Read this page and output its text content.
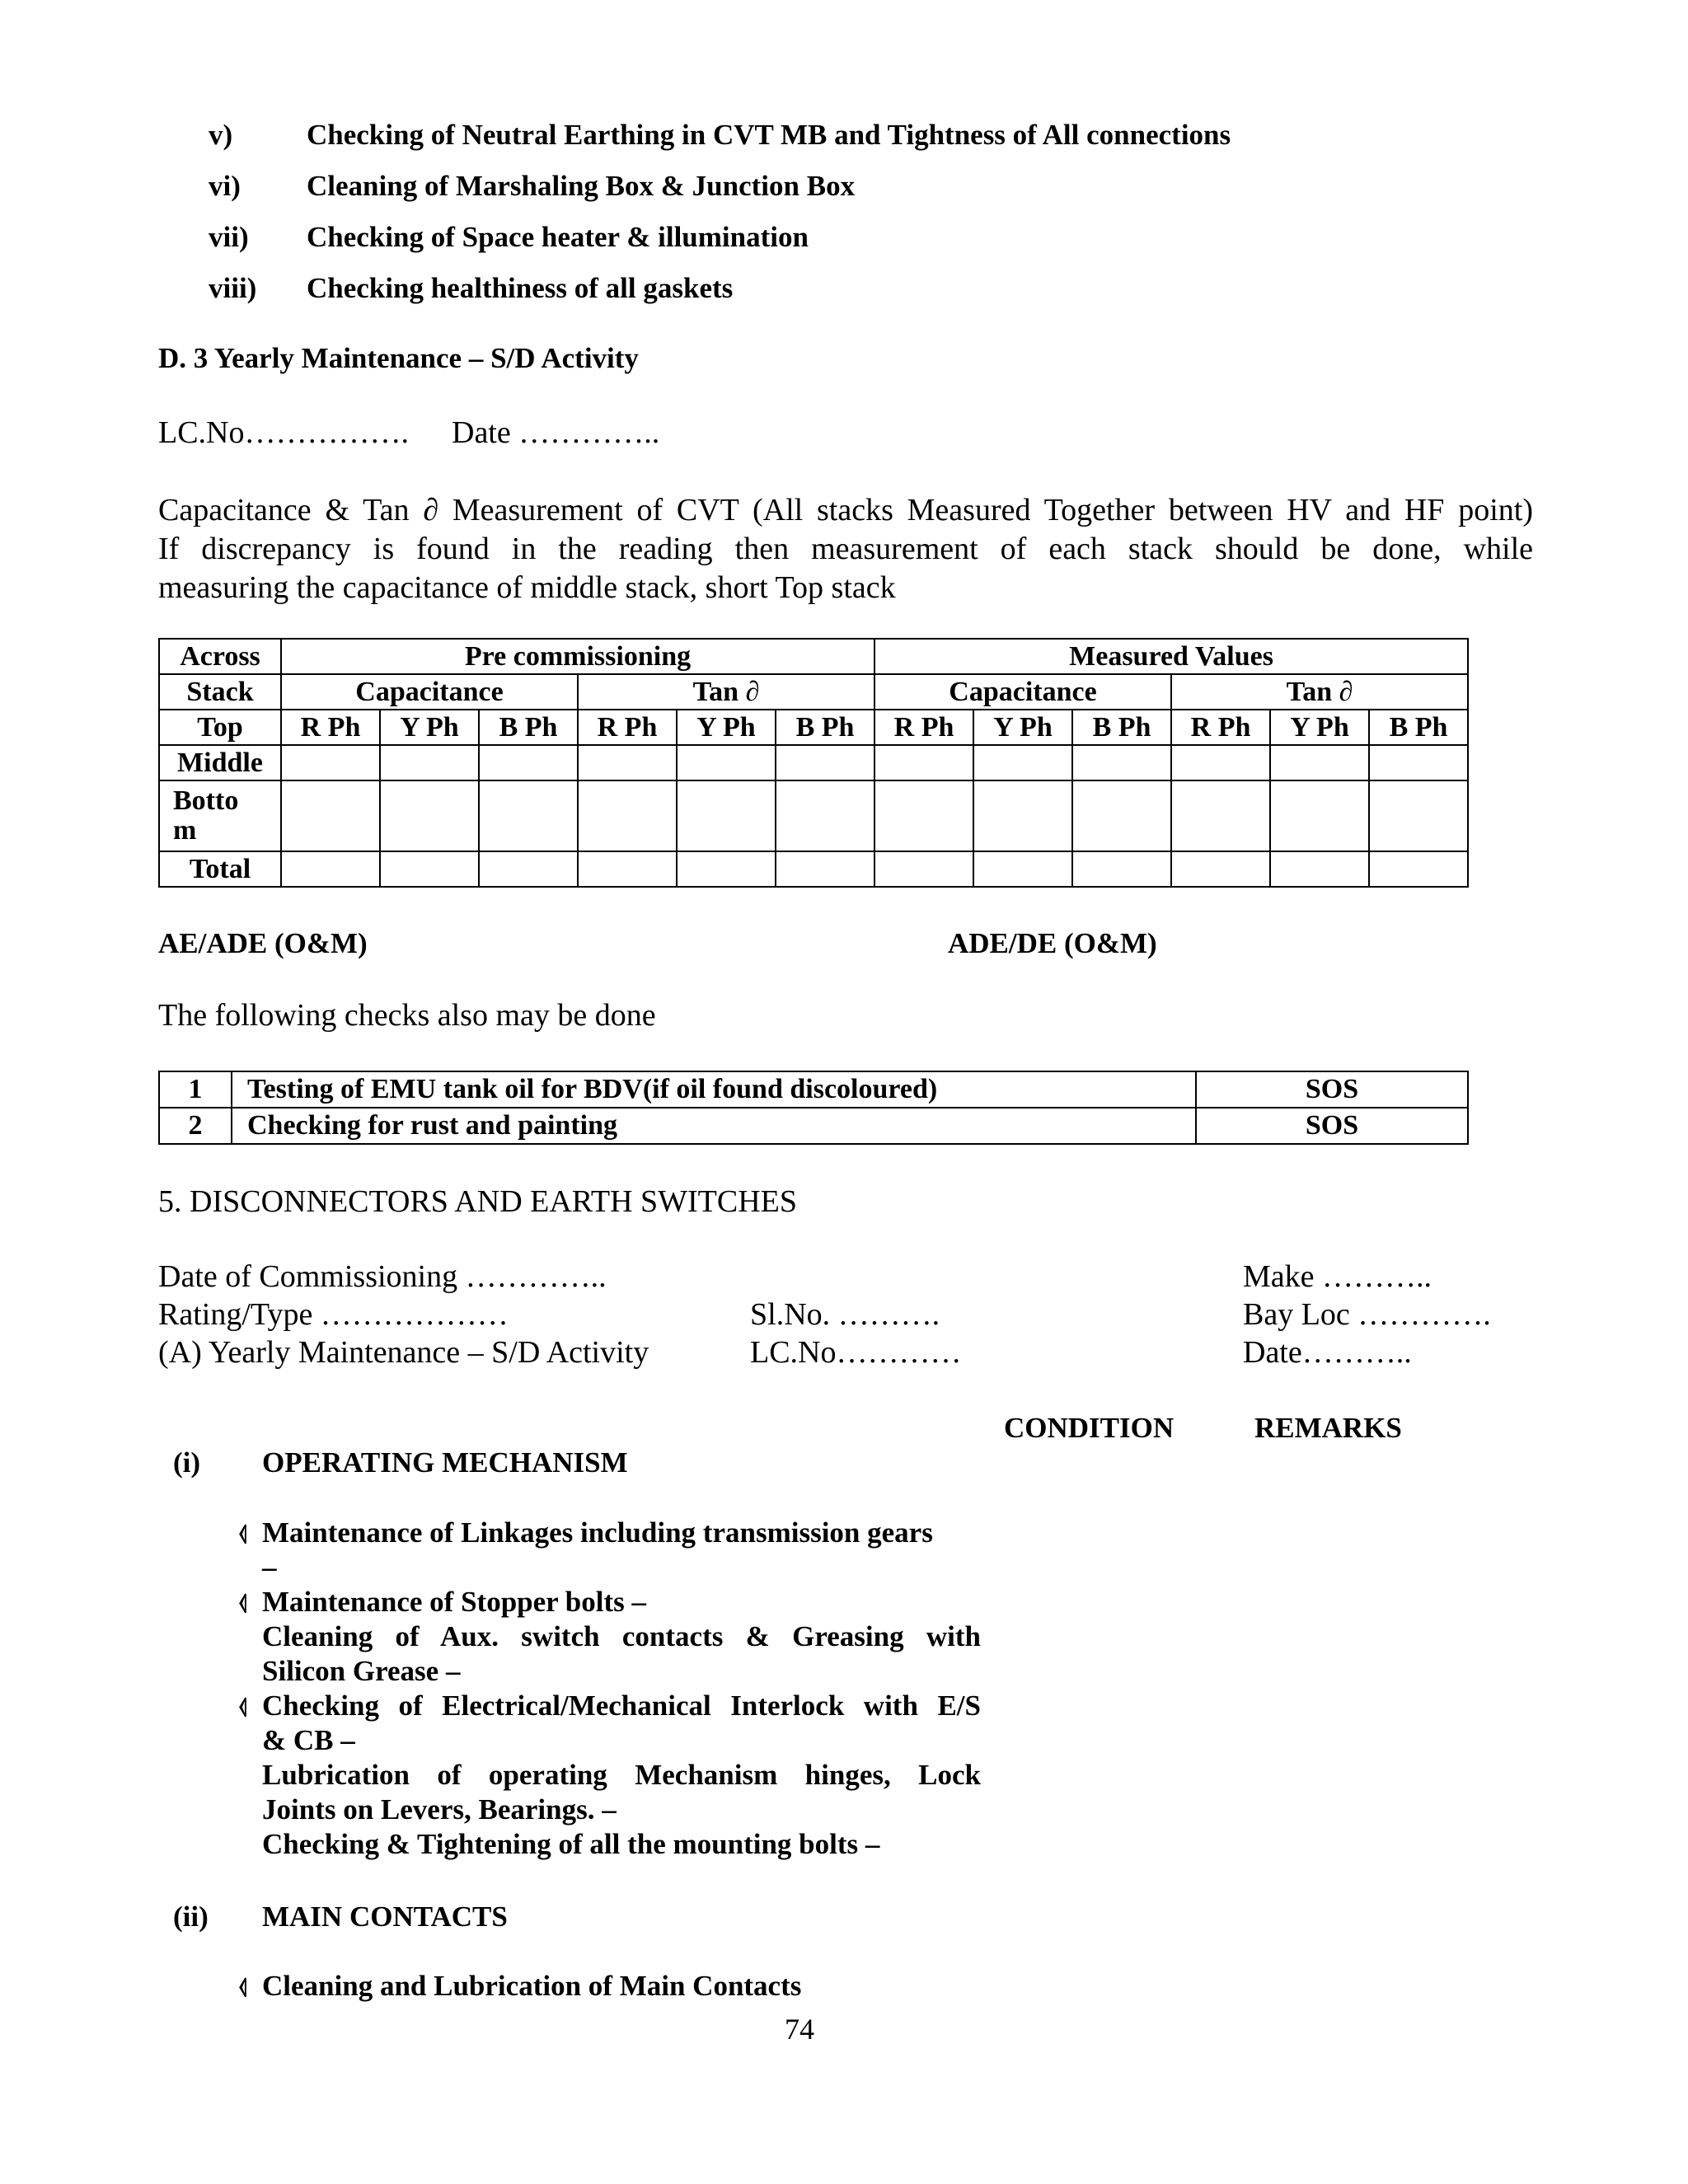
v)	Checking of Neutral Earthing in CVT MB and Tightness of All connections
vi) Cleaning of Marshaling Box & Junction Box
vii) Checking of Space heater & illumination
viii) Checking healthiness of all gaskets
D. 3 Yearly Maintenance – S/D Activity
LC.No……………. Date …………..
Capacitance & Tan ∂ Measurement of CVT (All stacks Measured Together between HV and HF point)
If discrepancy is found in the reading then measurement of each stack should be done, while
measuring the capacitance of middle stack, short Top stack
Across	Pre commissioning						Measured Values					
Stack	Capacitance			Tan ∂			Capacitance			Tan ∂		
Top	R Ph	Y Ph	B Ph	R Ph	Y Ph	B Ph	R Ph	Y Ph	B Ph	R Ph	Y Ph	B Ph
Middle												
Botto
m												
Total												
AE/ADE (O&M)	ADE/DE (O&M)
The following checks also may be done
1	Testing of EMU tank oil for BDV(if oil found discoloured)	SOS
2	Checking for rust and painting	SOS
5. DISCONNECTORS AND EARTH SWITCHES
Date of Commissioning …………..	Make ………..
Rating/Type ………………	Sl.No. ……….	Bay Loc ………….
(A) Yearly Maintenance – S/D Activity	LC.No…………	Date………..
CONDITION	REMARKS
(i) OPERATING MECHANISM
⦉
⦉
⦉
Maintenance of Linkages including transmission gears
–
Maintenance of Stopper bolts –
Cleaning of Aux. switch contacts & Greasing with
Silicon Grease –
Checking of Electrical/Mechanical Interlock with E/S
& CB –
Lubrication of operating Mechanism hinges, Lock
Joints on Levers, Bearings. –
Checking & Tightening of all the mounting bolts –
(ii) MAIN CONTACTS
⦉ Cleaning and Lubrication of Main Contacts
74
